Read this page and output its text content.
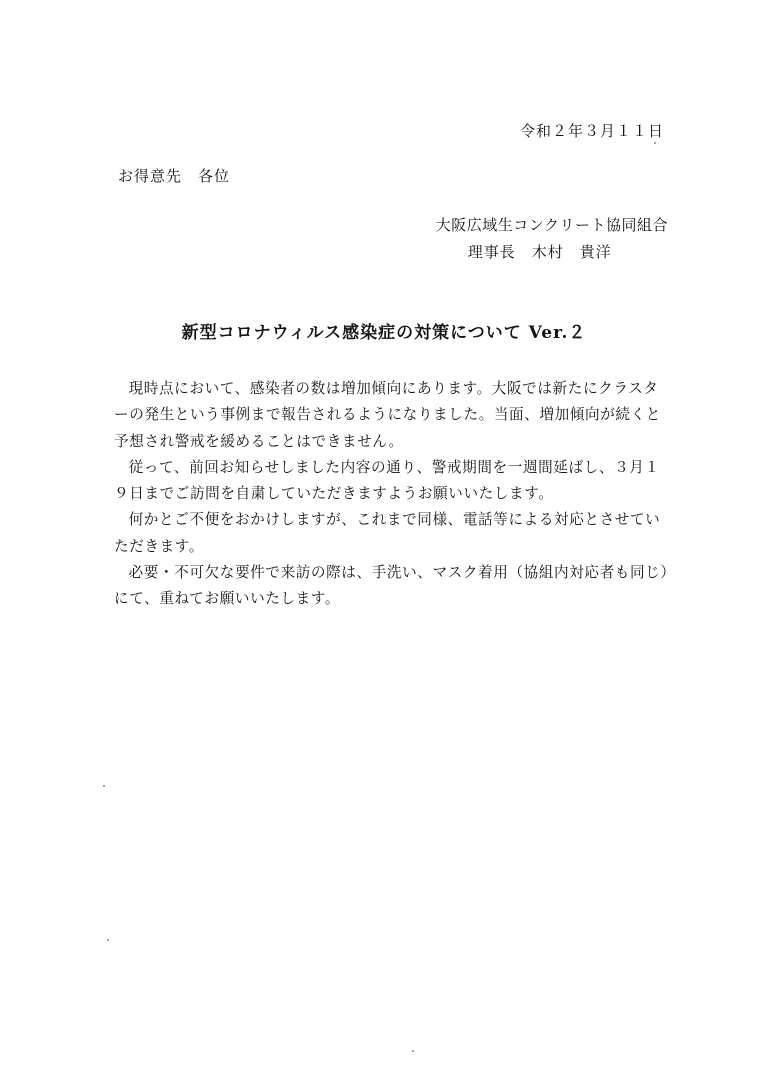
令和２年３月１１日
お得意先　各位
大阪広域生コンクリート協同組合
理事長　木村　貴洋
新型コロナウィルス感染症の対策について Ver.２

現時点において、感染者の数は増加傾向にあります。大阪では新たにクラスターの発生という事例まで報告されるようになりました。当面、増加傾向が続くと予想され警戒を緩めることはできません。

従って、前回お知らせしました内容の通り、警戒期間を一週間延ばし、３月１９日までご訪問を自粛していただきますようお願いいたします。

何かとご不便をおかけしますが、これまで同様、電話等による対応とさせていただきます。

必要・不可欠な要件で来訪の際は、手洗い、マスク着用（協組内対応者も同じ）にて、重ねてお願いいたします。
